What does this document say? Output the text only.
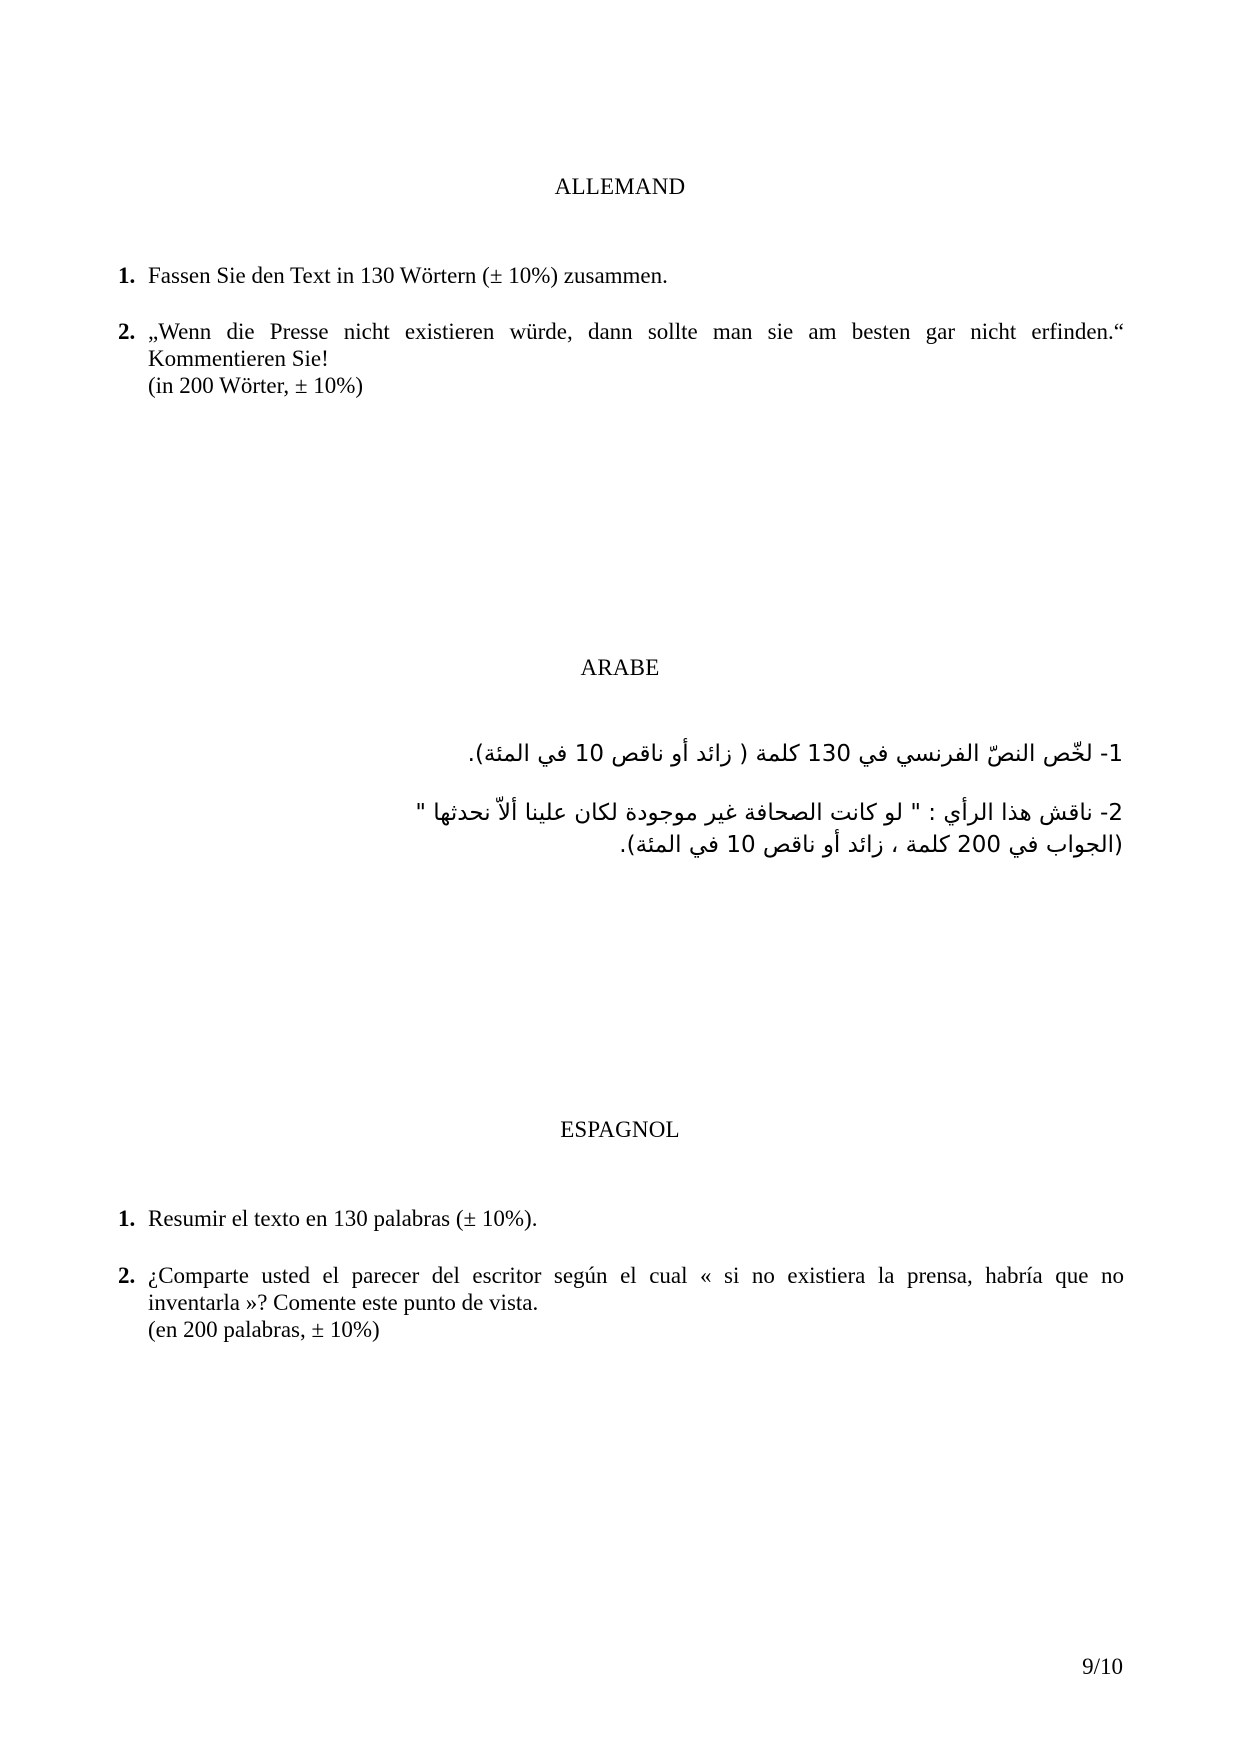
ALLEMAND
1. Fassen Sie den Text in 130 Wörtern (± 10%) zusammen.

2. „Wenn die Presse nicht existieren würde, dann sollte man sie am besten gar nicht erfinden.“

Kommentieren Sie!

(in 200 Wörter, ± 10%)

ARABE

1- لخّص النصّ الفرنسي في 130 كلمة ( زائد أو ناقص 10 في المئة).

2- ناقش هذا الرأي : " لو كانت الصحافة غير موجودة لكان علينا ألاّ نحدثها "

(الجواب في 200 كلمة ، زائد أو ناقص 10 في المئة).

ESPAGNOL
1. Resumir el texto en 130 palabras (± 10%).

2. ¿Comparte usted el parecer del escritor según el cual « si no existiera la prensa, habría que no

inventarla »? Comente este punto de vista.

(en 200 palabras, ± 10%)

9/10
